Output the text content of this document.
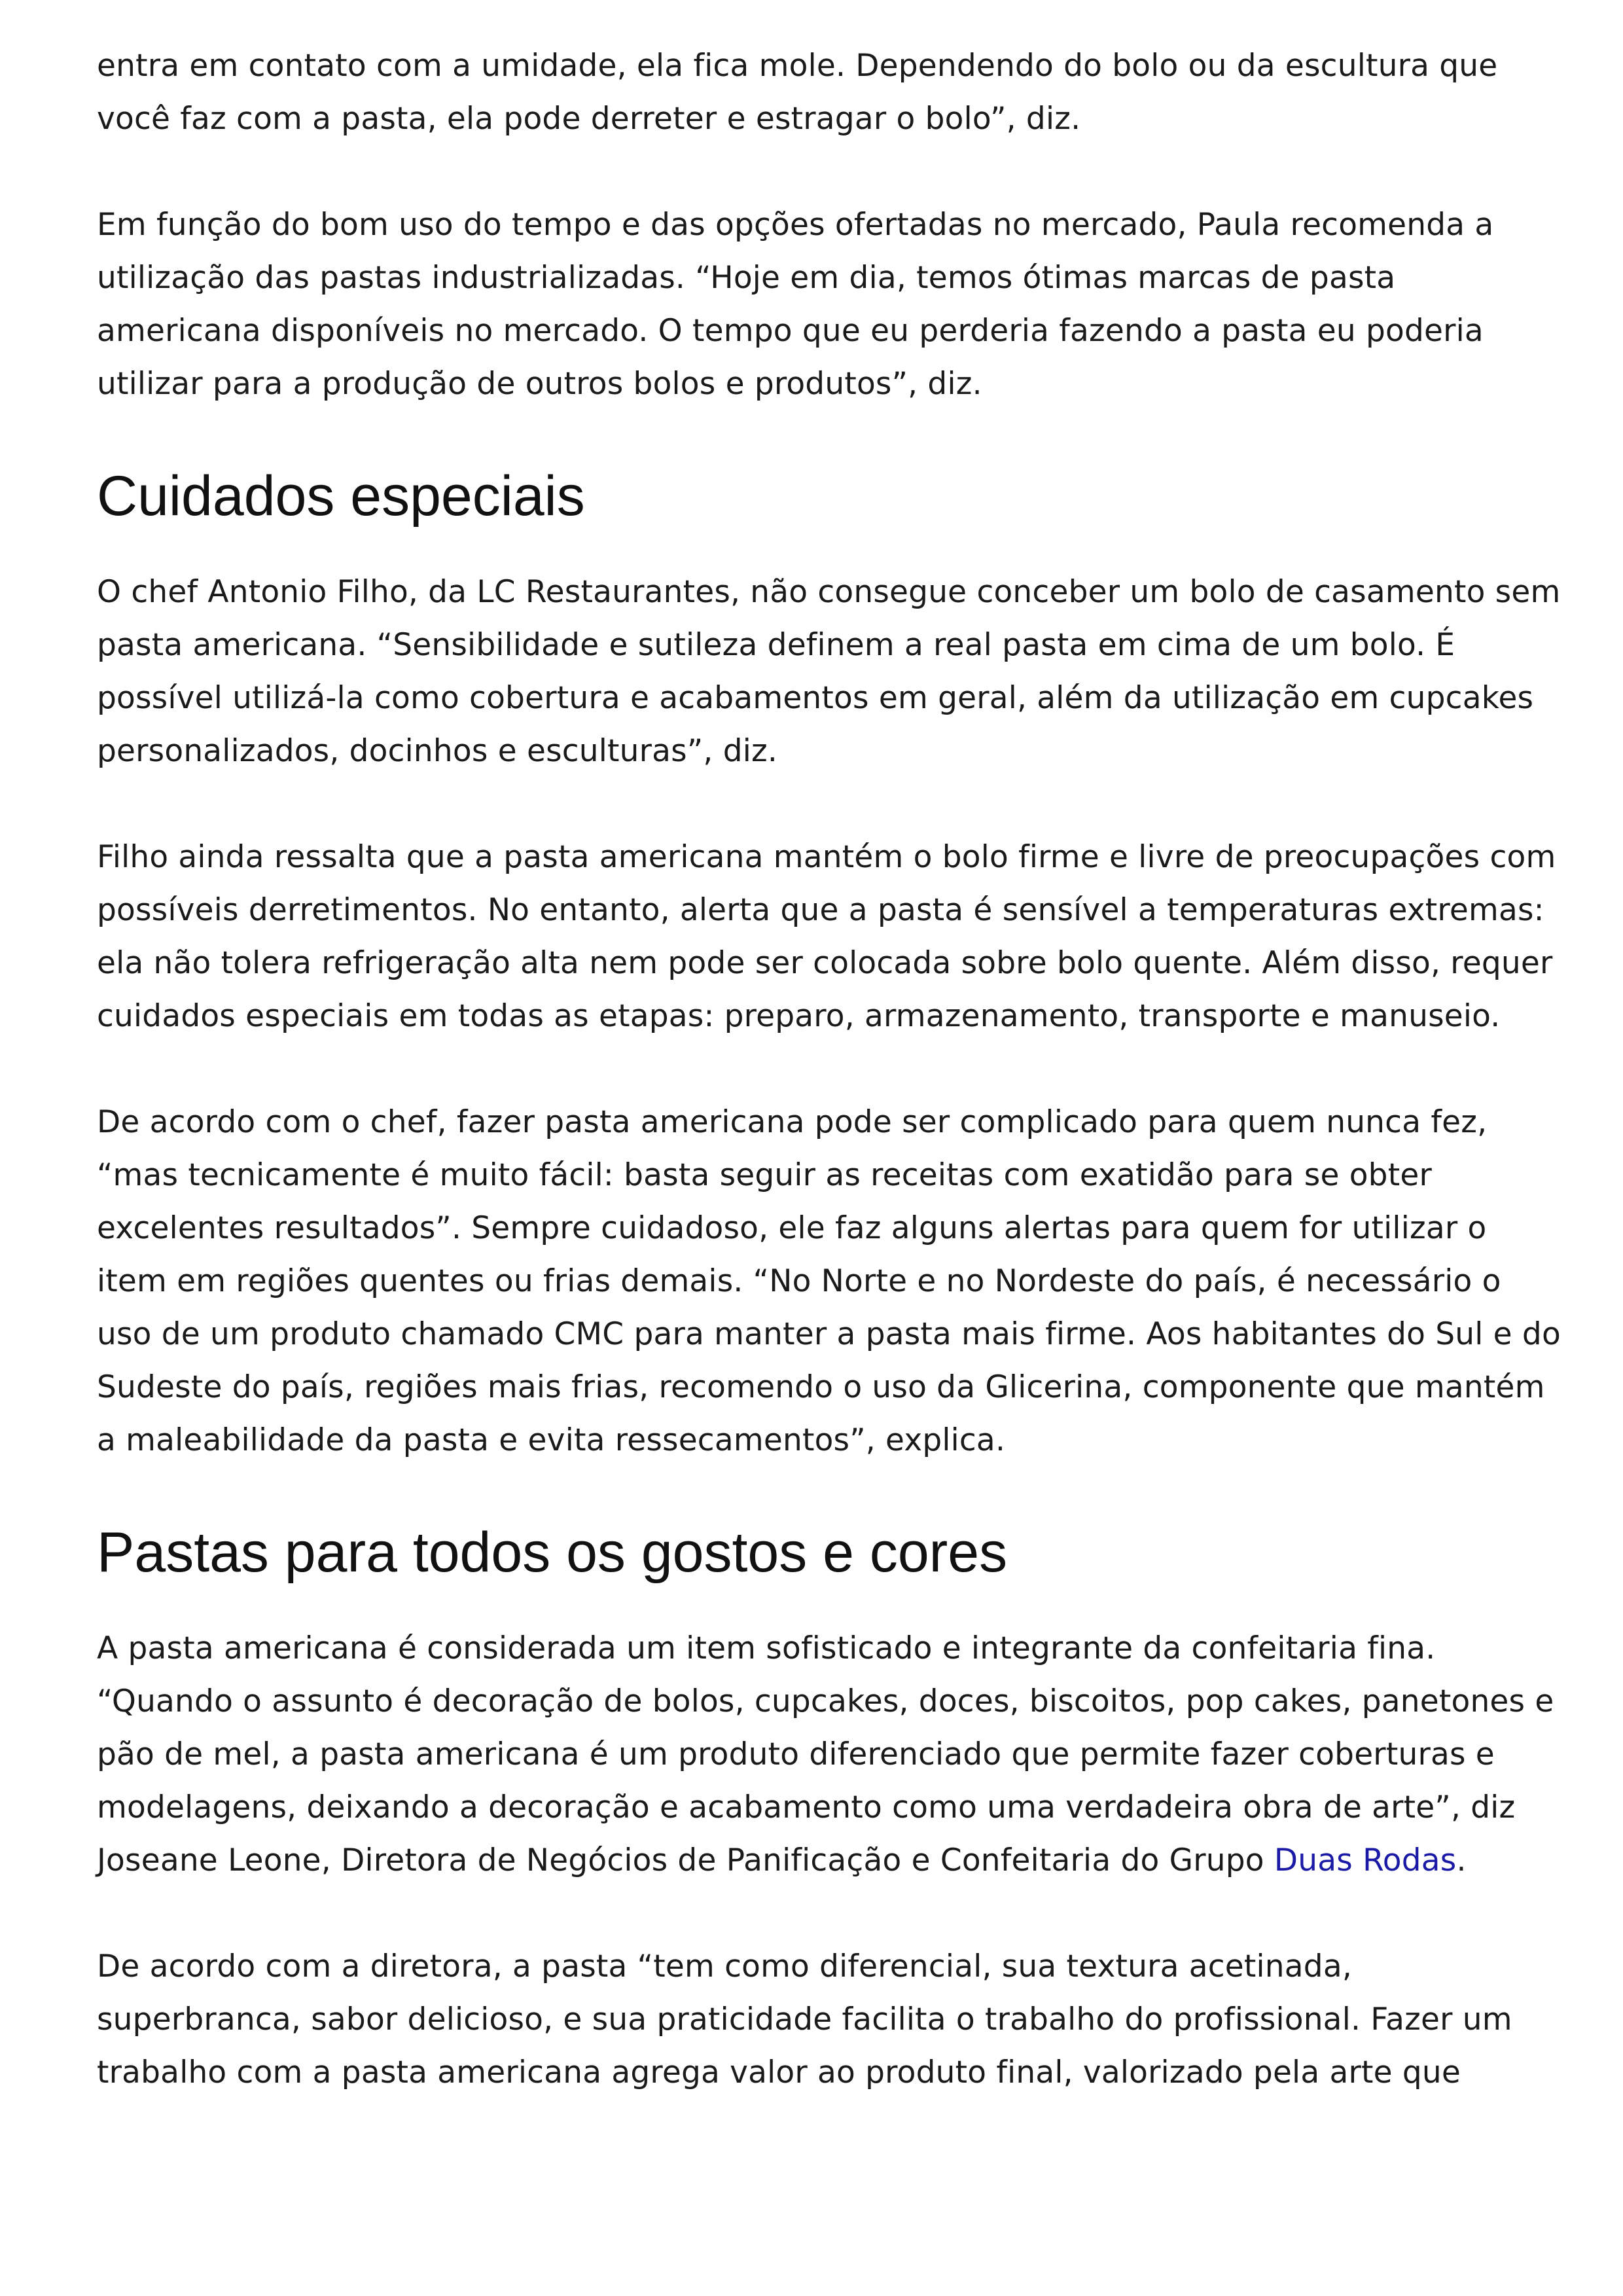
entra em contato com a umidade, ela fica mole. Dependendo do bolo ou da escultura que você faz com a pasta, ela pode derreter e estragar o bolo”, diz.

Em função do bom uso do tempo e das opções ofertadas no mercado, Paula recomenda a utilização das pastas industrializadas. “Hoje em dia, temos ótimas marcas de pasta americana disponíveis no mercado. O tempo que eu perderia fazendo a pasta eu poderia utilizar para a produção de outros bolos e produtos”, diz.

Cuidados especiais

O chef Antonio Filho, da LC Restaurantes, não consegue conceber um bolo de casamento sem pasta americana. “Sensibilidade e sutileza definem a real pasta em cima de um bolo. É possível utilizá-la como cobertura e acabamentos em geral, além da utilização em cupcakes personalizados, docinhos e esculturas”, diz.

Filho ainda ressalta que a pasta americana mantém o bolo firme e livre de preocupações com possíveis derretimentos. No entanto, alerta que a pasta é sensível a temperaturas extremas: ela não tolera refrigeração alta nem pode ser colocada sobre bolo quente. Além disso, requer cuidados especiais em todas as etapas: preparo, armazenamento, transporte e manuseio.

De acordo com o chef, fazer pasta americana pode ser complicado para quem nunca fez, “mas tecnicamente é muito fácil: basta seguir as receitas com exatidão para se obter excelentes resultados”. Sempre cuidadoso, ele faz alguns alertas para quem for utilizar o item em regiões quentes ou frias demais. “No Norte e no Nordeste do país, é necessário o uso de um produto chamado CMC para manter a pasta mais firme. Aos habitantes do Sul e do Sudeste do país, regiões mais frias, recomendo o uso da Glicerina, componente que mantém a maleabilidade da pasta e evita ressecamentos”, explica.

Pastas para todos os gostos e cores

A pasta americana é considerada um item sofisticado e integrante da confeitaria fina. “Quando o assunto é decoração de bolos, cupcakes, doces, biscoitos, pop cakes, panetones e pão de mel, a pasta americana é um produto diferenciado que permite fazer coberturas e modelagens, deixando a decoração e acabamento como uma verdadeira obra de arte”, diz Joseane Leone, Diretora de Negócios de Panificação e Confeitaria do Grupo Duas Rodas.

De acordo com a diretora, a pasta “tem como diferencial, sua textura acetinada, superbranca, sabor delicioso, e sua praticidade facilita o trabalho do profissional. Fazer um trabalho com a pasta americana agrega valor ao produto final, valorizado pela arte que
